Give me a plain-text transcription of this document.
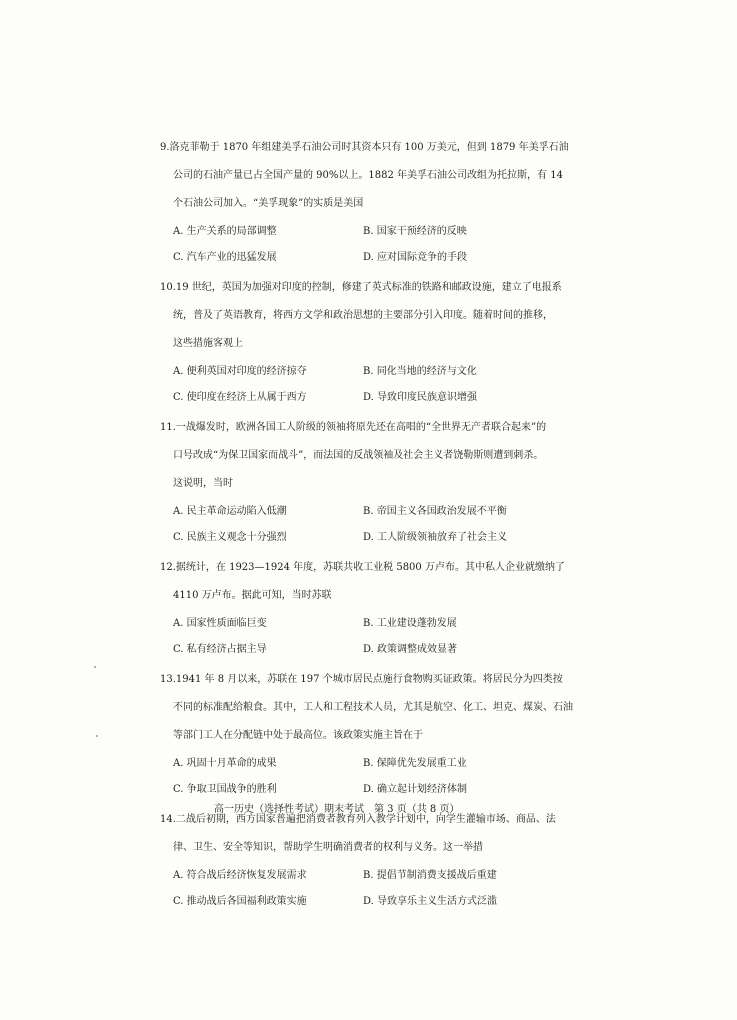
9.洛克菲勒于 1870 年组建美孚石油公司时其资本只有 100 万美元，但到 1879 年美孚石油
公司的石油产量已占全国产量的 90%以上。1882 年美孚石油公司改组为托拉斯，有 14
个石油公司加入。“美孚现象”的实质是美国
A. 生产关系的局部调整	B. 国家干预经济的反映
C. 汽车产业的迅猛发展	D. 应对国际竞争的手段
10.19 世纪，英国为加强对印度的控制，修建了英式标准的铁路和邮政设施，建立了电报系
统，普及了英语教育，将西方文学和政治思想的主要部分引入印度。随着时间的推移，
这些措施客观上
A. 便利英国对印度的经济掠夺	B. 同化当地的经济与文化
C. 使印度在经济上从属于西方	D. 导致印度民族意识增强
11.一战爆发时，欧洲各国工人阶级的领袖将原先还在高唱的“全世界无产者联合起来”的
口号改成“为保卫国家而战斗”，而法国的反战领袖及社会主义者饶勒斯则遭到刺杀。
这说明，当时
A. 民主革命运动陷入低潮	B. 帝国主义各国政治发展不平衡
C. 民族主义观念十分强烈	D. 工人阶级领袖放弃了社会主义
12.据统计，在 1923—1924 年度，苏联共收工业税 5800 万卢布。其中私人企业就缴纳了
4110 万卢布。据此可知，当时苏联
A. 国家性质面临巨变	B. 工业建设蓬勃发展
C. 私有经济占据主导	D. 政策调整成效显著
13.1941 年 8 月以来，苏联在 197 个城市居民点施行食物购买证政策。将居民分为四类按
不同的标准配给粮食。其中，工人和工程技术人员，尤其是航空、化工、坦克、煤炭、石油
等部门工人在分配链中处于最高位。该政策实施主旨在于
A. 巩固十月革命的成果	B. 保障优先发展重工业
C. 争取卫国战争的胜利	D. 确立起计划经济体制
14.二战后初期，西方国家普遍把消费者教育列入教学计划中，向学生灌输市场、商品、法
律、卫生、安全等知识，帮助学生明确消费者的权利与义务。这一举措
A. 符合战后经济恢复发展需求	B. 提倡节制消费支援战后重建
C. 推动战后各国福利政策实施	D. 导致享乐主义生活方式泛滥
高一历史（选择性考试）期末考试　第 3 页（共 8 页）
